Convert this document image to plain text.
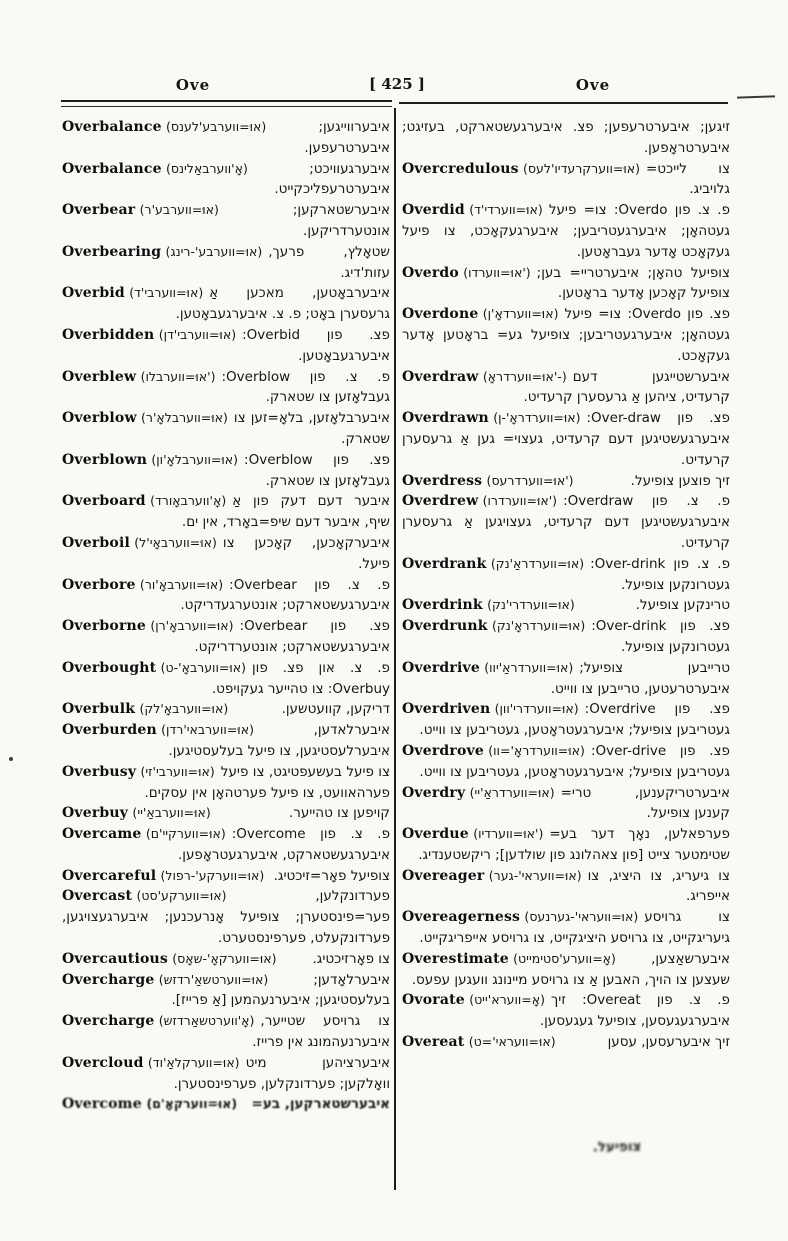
Ove	[ 425 ]	Ove
Overbalance (אוּ=ווערבע'לענס)	איבערווייגען; איבערטרעפען.
Overbalance (אָ'ווערבאַלינס)	איבערגעוויכט; איבערטרעפליכקייט.
Overbear (אוּ=ווערבע'ר)	איבערשטארקען; אונטערדריקען.
Overbearing (אוּ=ווערבע'-רינג) שטאָלץ, פרעך, עזות'דיג.
Overbid (אוּ=ווערבי'ד) איבערבאָטען, מאכען אַ גרעסערן באָט; פ. צ. איבערגעבאָטען.
Overbidden (אוּ=ווערבי'דן) פצ. פון Overbid: איבערגעבאָטען.
Overblew (אוּ=ווערבלו') פ. צ. פון Overblow: געבלאָזען צו שטארק.
Overblow (אוּ=ווערבלאָ'ר) איבערבלאָזען, בלאָ=זען צו שטארק.
Overblown (אוּ=ווערבלאָ'ון) פצ. פון Overblow: געבלאָזען צו שטארק.
Overboard (אָ'ווערבאָורד) איבער דעם דעק פון אַ שיף, איבער דעם שיפ=באָרד, אין ים.
Overboil (אוּ=ווערבאָי'ל) איבערקאָכען, קאָכען צו פיעל.
Overbore (אוּ=ווערבאָ'ור) פ. צ. פון Overbear: איבערגעשטארקט; אונטערגעדריקט.
Overborne (אוּ=ווערבאָ'רן) פצ. פון Overbear: איבערגעשטארקט; אונטערדריקט.
Overbought (אוּ=ווערבאָ'-ט) פ. צ. און פצ. פון Overbuy: צו טהייער געקויפט.
Overbulk (אוּ=ווערבאָ'לק)	דריקען, קוועטשען.
Overburden (אוּ=ווערבאי'רדן)	איבערלאדען, איבערלעסטיגען, צו פיעל בעלעסטיגען.
Overbusy (אוּ=ווערבי'זי) צו פיעל בעשעפטיגט, צו פיעל פערהאוועט, צו פיעל פערטהאָן אין עסקים.
Overbuy (אוּ=ווערבאַ'יי)	קויפען צו טהייער.
Overcame (אוּ=ווערקיי'ם) פ. צ. פון Overcome: איבערגעשטארקט, איבערגעטראָפען.
Overcareful (אוּ=ווערקע'-רפול) צופיעל פאָר=זיכטיג.
Overcast (אוּ=ווערקע'סט)	פערדונקלען, פער=פינסטערן; צופיעל אָנרעכנען; איבערגעצויגען, פערדונקעלט, פערפינסטערט.
Overcautious (אוּ=ווערקאָ'-שאָס)	צו פאָרזיכטיג.
Overcharge (אוּ=ווערטשאַ'רדזש)	איבערלאָדען; בעלעסטיגען; איבערנעהמען [אַ פרייז].
Overcharge (אָ'ווערטשאַרדזש) צו גרויסע שטייער, איבערנעהמונג אין פרייז.
Overcloud (אוּ=ווערקלאַ'וד) איבערציהען מיט וואָלקען; פערדונקלען, פערפינסטערן.
Overcome (אוּ=ווערקאָ'ם) איבערשטארקען, בע=
זיגען; איבערטרעפען; פצ. איבערגעשטארקט, בעזיגט; איבערטראָפען.
Overcredulous (אוּ=ווערקרעדיו'לעס) צו לייכט= גלויביג.
Overdid (אוּ=ווערדי'ד) פ. צ. פון Overdo: צו= פיעל געטהאָן; איבערגעטריבען; איבערגעקאָכט, צו פיעל געקאָכט אָדער געבראָטען.
Overdo (אוּ=ווערדו') צופיעל טהאָן; איבערטריי= בען; צופיעל קאָכען אָדער בראָטען.
Overdone (אוּ=ווערדאָ'ן) פצ. פון Overdo: צו= פיעל געטהאָן; איבערגעטריבען; צופיעל גע= בראָטען אָדער געקאָכט.
Overdraw (אוּ=ווערדראָ'-) איבערשטייגען דעם קרעדיט, ציהען אַ גרעסערן קרעדיט.
Overdrawn (אוּ=ווערדראָ'-ן) פצ. פון Over-draw: איבערגעשטיגען דעם קרעדיט, געצוי= גען אַ גרעסערן קרעדיט.
Overdress (אוּ=ווערדרעס')	זיך פוצען צופיעל.
Overdrew (אוּ=ווערדרו') פ. צ. פון Overdraw: איבערגעשטיגען דעם קרעדיט, געצויגען אַ גרעסערן קרעדיט.
Overdrank (אוּ=ווערדראַ'נק) פ. צ. פון Over-drink: געטרונקען צופיעל.
Overdrink (אוּ=ווערדרי'נק)	טרינקען צופיעל.
Overdrunk (אוּ=ווערדראָ'נק) פצ. פון Over-drink: געטרונקען צופיעל.
Overdrive (אוּ=ווערדראַ'יוו) טרייבען צופיעל; איבערטרעטען, טרייבען צו ווייט.
Overdriven (אוּ=ווערדרי'וון) פצ. פון Overdrive: געטריבען צופיעל; איבערגעטראָטען, געטריבען צו ווייט.
Overdrove (אוּ=ווערדראָ'=וו) פצ. פון Over-drive: געטריבען צופיעל; איבערגעטראָטען, געטריבען צו ווייט.
Overdry (אוּ=ווערדראַ'יי) איבערטריקענען, טרי= קענען צופיעל.
Overdue (אוּ=ווערדיו') פערפאלען, נאָך דער בע= שטימטער צייט [פון צאהלונג פון שולדען]; ריקשטענדיג.
Overeager (אוּ=וועראי'-גער) צו גיעריג, צו היציג, צו אייפריג.
Overeagerness (אוּ=וועראי'-גערנעס) צו גרויסע גיעריגקייט, צו גרויסע היציגקייט, צו גרויסע אייפריגקייט.
Overestimate (אָ=ווערע'סטימייט)	איבערשאַצען, שעצען צו הויך, האבען אַ צו גרויסע מיינונג וועגען עפעס.
Ovorate (אָ=ווערא'ייט) פ. צ. פון Overeat: זיך איבערגעגעסען, צופיעל געגעסען.
Overeat (אוּ=וועראי'=ט)	זיך איבערעסען, עסען
צופיעל.
